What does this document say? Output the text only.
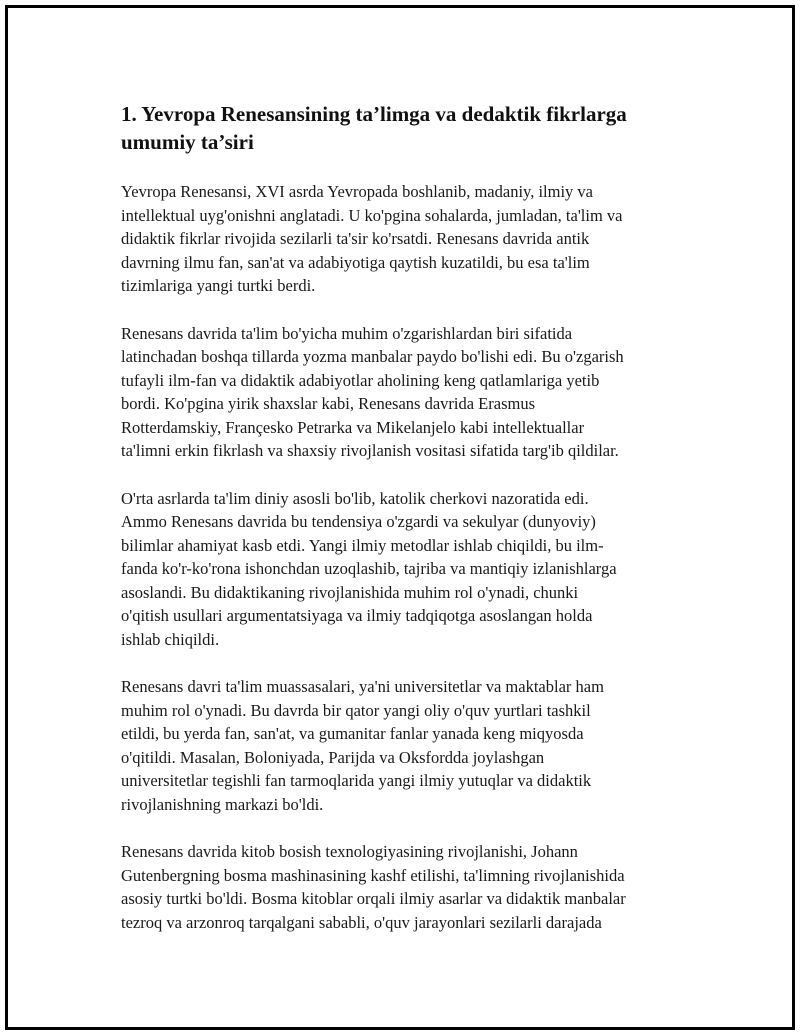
1. Yevropa Renesansining ta’limga va dedaktik fikrlarga
umumiy ta’siri

Yevropa Renesansi, XVI asrda Yevropada boshlanib, madaniy, ilmiy va
intellektual uyg'onishni anglatadi. U ko'pgina sohalarda, jumladan, ta'lim va
didaktik fikrlar rivojida sezilarli ta'sir ko'rsatdi. Renesans davrida antik
davrning ilmu fan, san'at va adabiyotiga qaytish kuzatildi, bu esa ta'lim
tizimlariga yangi turtki berdi.

Renesans davrida ta'lim bo'yicha muhim o'zgarishlardan biri sifatida
latinchadan boshqa tillarda yozma manbalar paydo bo'lishi edi. Bu o'zgarish
tufayli ilm-fan va didaktik adabiyotlar aholining keng qatlamlariga yetib
bordi. Ko'pgina yirik shaxslar kabi, Renesans davrida Erasmus
Rotterdamskiy, Françesko Petrarka va Mikelanjelo kabi intellektuallar
ta'limni erkin fikrlash va shaxsiy rivojlanish vositasi sifatida targ'ib qildilar.

O'rta asrlarda ta'lim diniy asosli bo'lib, katolik cherkovi nazoratida edi.
Ammo Renesans davrida bu tendensiya o'zgardi va sekulyar (dunyoviy)
bilimlar ahamiyat kasb etdi. Yangi ilmiy metodlar ishlab chiqildi, bu ilm-
fanda ko'r-ko'rona ishonchdan uzoqlashib, tajriba va mantiqiy izlanishlarga
asoslandi. Bu didaktikaning rivojlanishida muhim rol o'ynadi, chunki
o'qitish usullari argumentatsiyaga va ilmiy tadqiqotga asoslangan holda
ishlab chiqildi.

Renesans davri ta'lim muassasalari, ya'ni universitetlar va maktablar ham
muhim rol o'ynadi. Bu davrda bir qator yangi oliy o'quv yurtlari tashkil
etildi, bu yerda fan, san'at, va gumanitar fanlar yanada keng miqyosda
o'qitildi. Masalan, Boloniyada, Parijda va Oksfordda joylashgan
universitetlar tegishli fan tarmoqlarida yangi ilmiy yutuqlar va didaktik
rivojlanishning markazi bo'ldi.

Renesans davrida kitob bosish texnologiyasining rivojlanishi, Johann
Gutenbergning bosma mashinasining kashf etilishi, ta'limning rivojlanishida
asosiy turtki bo'ldi. Bosma kitoblar orqali ilmiy asarlar va didaktik manbalar
tezroq va arzonroq tarqalgani sababli, o'quv jarayonlari sezilarli darajada
